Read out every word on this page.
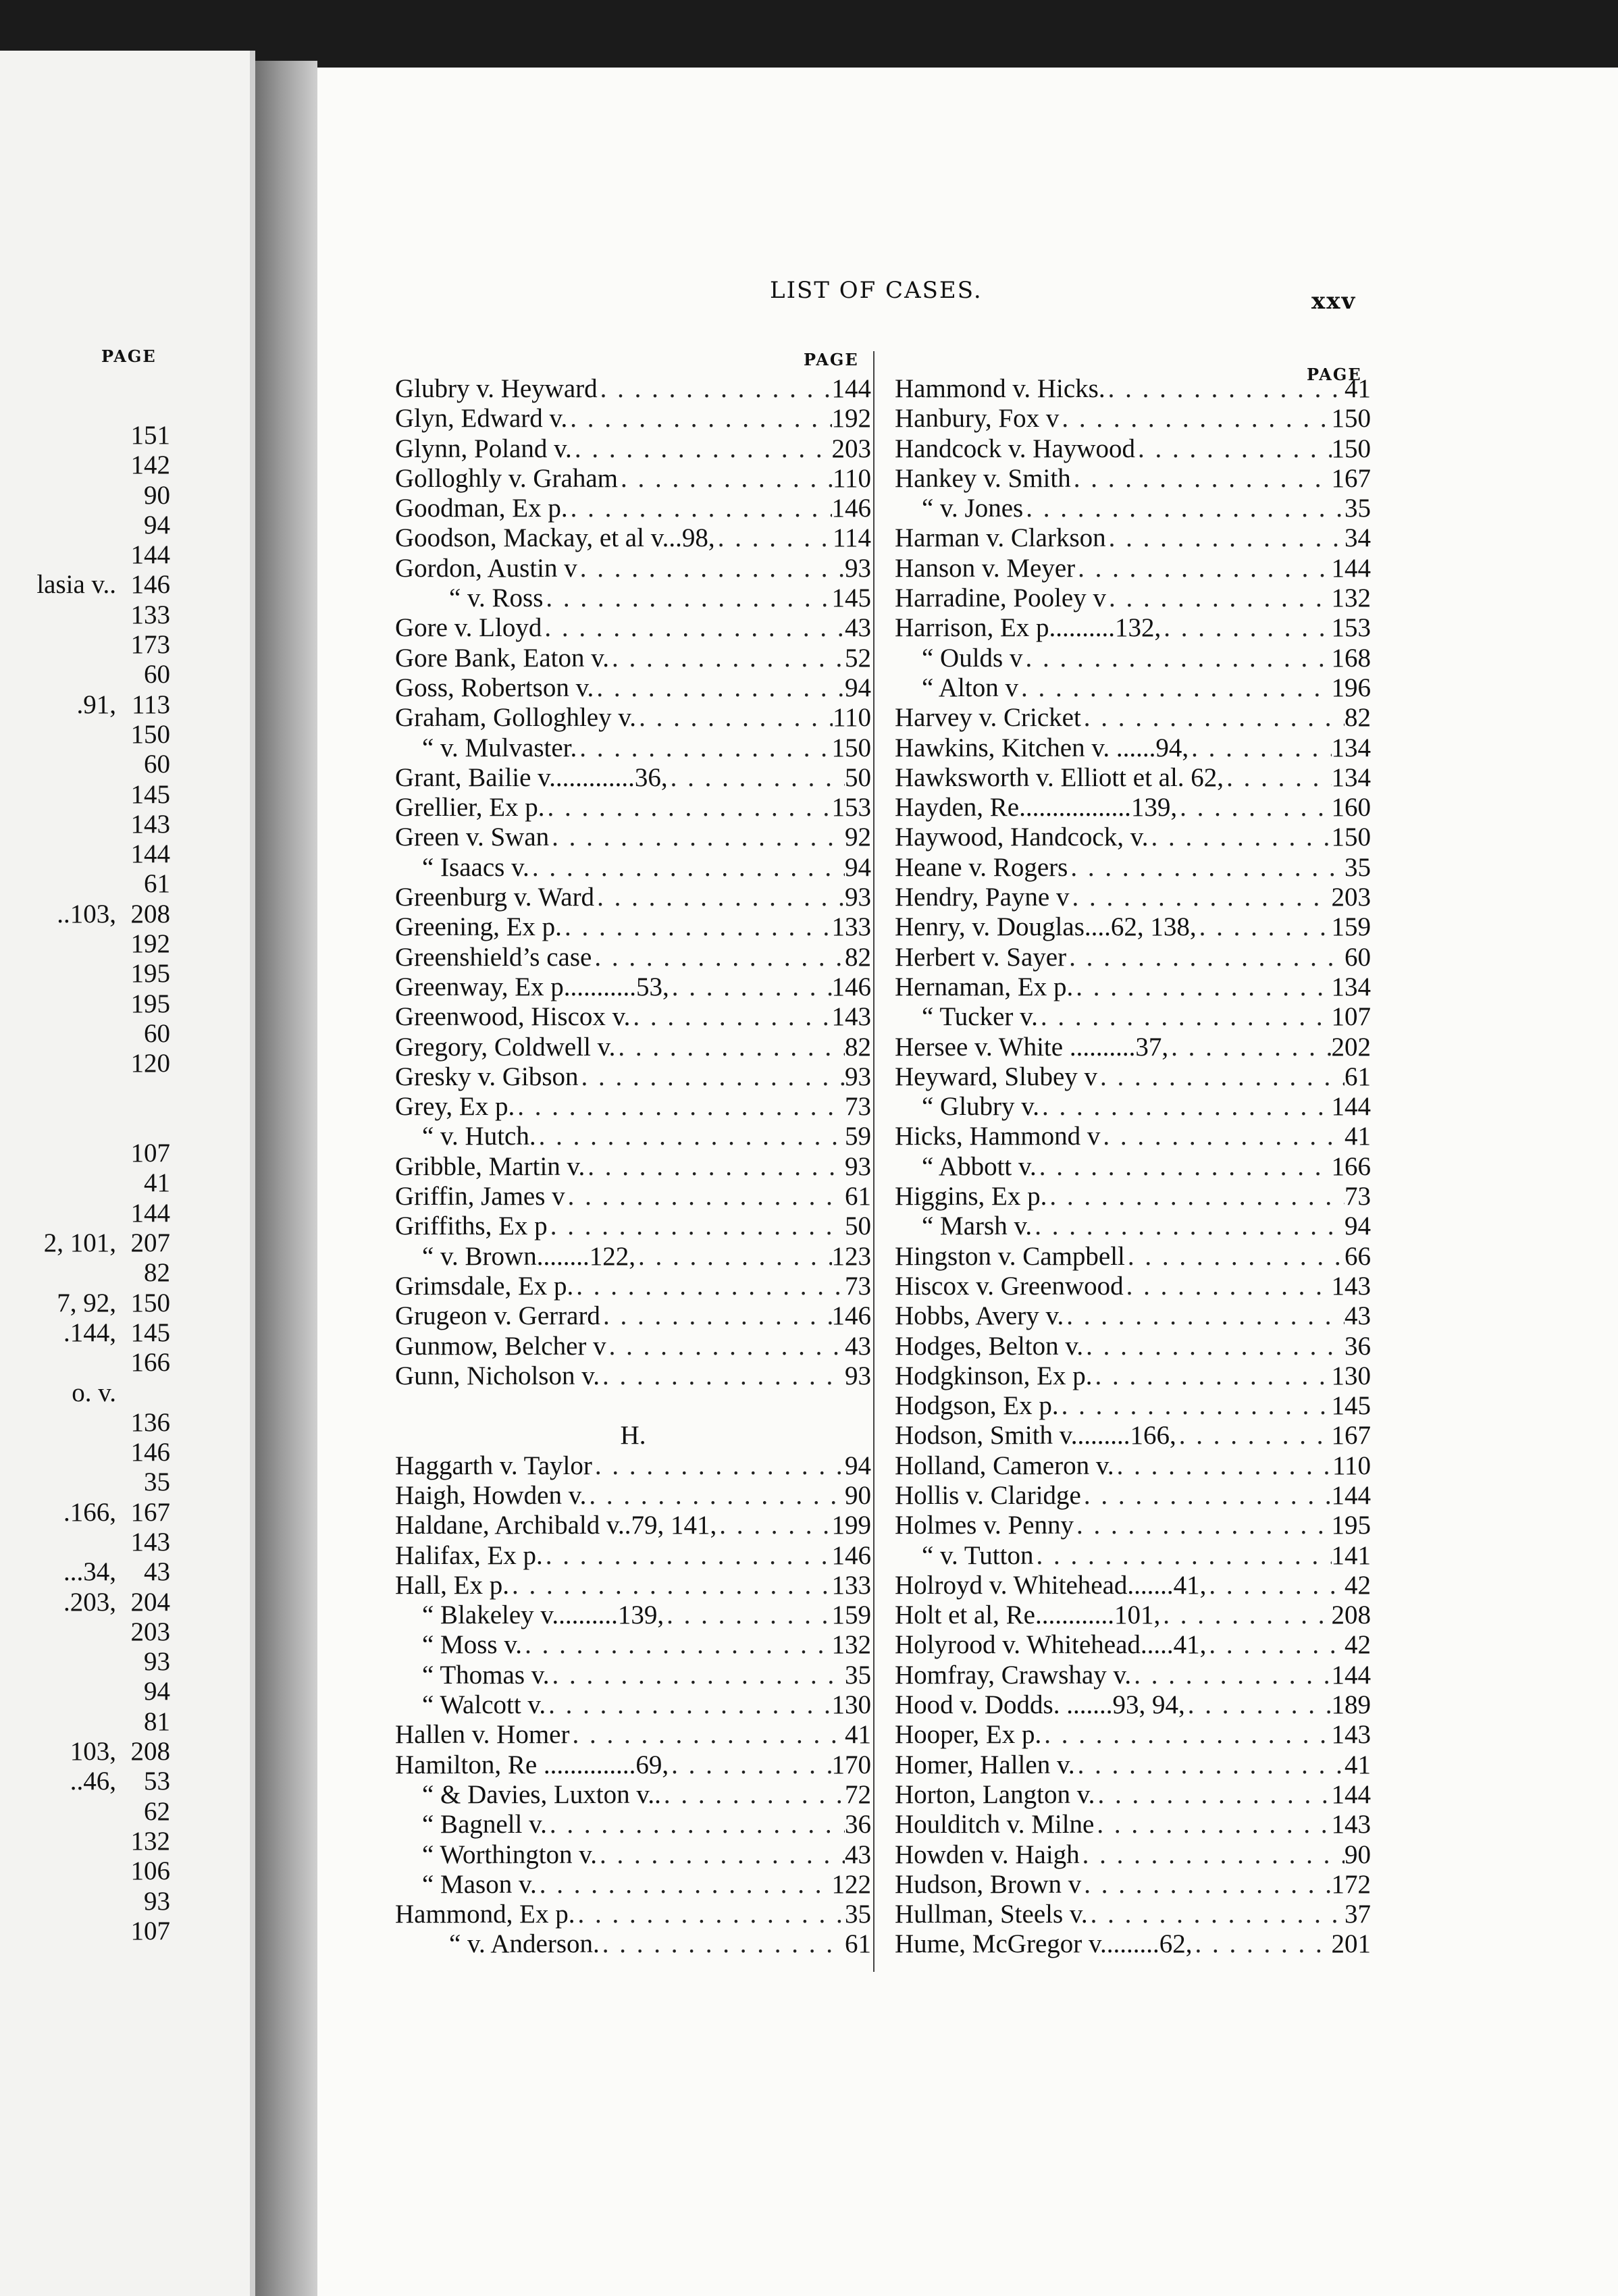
PAGE
151
142
90
94
144
lasia v.. 146
133
173
60
.91, 113
150
60
145
143
144
61
..103, 208
192
195
195
60
120
107
41
144
2, 101, 207
82
7, 92, 150
.144, 145
166
o. v.
136
146
35
.166, 167
143
...34,	43
.203, 204
203
93
94
81
103, 208
..46,	53
62
132
106
93
107
LIST OF CASES.	xxv
PAGE
PAGE
Glubry v. Heyward . . .	144
Glyn, Edward v. . . .	192
Glynn, Poland v. . . .	203
Golloghly v. Graham . . .	110
Goodman, Ex p. . . .	146
Goodson, Mackay, et al v...98, . . .	114
Gordon, Austin v . . .	93
“ v. Ross . . .	145
Gore v. Lloyd . . .	43
Gore Bank, Eaton v. . . .	52
Goss, Robertson v. . . .	94
Graham, Golloghley v. . . .	110
“ v. Mulvaster. . . .	150
Grant, Bailie v.............36, . . .	50
Grellier, Ex p. . . .	153
Green v. Swan . . .	92
“ Isaacs v. . . .	94
Greenburg v. Ward . . .	93
Greening, Ex p. . . .	133
Greenshield’s case . . .	82
Greenway, Ex p...........53, . . .	146
Greenwood, Hiscox v. . . .	143
Gregory, Coldwell v. . . .	82
Gresky v. Gibson . . .	93
Grey, Ex p. . . .	73
“ v. Hutch. . . .	59
Gribble, Martin v. . . .	93
Griffin, James v . . .	61
Griffiths, Ex p . . .	50
“ v. Brown........122, . . .	123
Grimsdale, Ex p. . . .	73
Grugeon v. Gerrard . . .	146
Gunmow, Belcher v . . .	43
Gunn, Nicholson v. . . .	93
H.
Haggarth v. Taylor . . .	94
Haigh, Howden v. . . .	90
Haldane, Archibald v..79, 141, . . .	199
Halifax, Ex p. . . .	146
Hall, Ex p. . . .	133
“ Blakeley v..........139, . . .	159
“ Moss v. . . .	132
“ Thomas v. . . .	35
“ Walcott v. . . .	130
Hallen v. Homer . . .	41
Hamilton, Re ..............69, . . .	170
“ & Davies, Luxton v.. . . .	72
“ Bagnell v. . . .	36
“ Worthington v. . . .	43
“ Mason v. . . .	122
Hammond, Ex p. . . .	35
“ v. Anderson. . . .	61
Hammond v. Hicks. . . .	41
Hanbury, Fox v . . .	150
Handcock v. Haywood . . .	150
Hankey v. Smith . . .	167
“ v. Jones . . .	35
Harman v. Clarkson . . .	34
Hanson v. Meyer . . .	144
Harradine, Pooley v . . .	132
Harrison, Ex p..........132, . . .	153
“ Oulds v . . .	168
“ Alton v . . .	196
Harvey v. Cricket . . .	82
Hawkins, Kitchen v. ......94, . . .	134
Hawksworth v. Elliott et al. 62, . . .	134
Hayden, Re.................139, . . .	160
Haywood, Handcock, v. . . .	150
Heane v. Rogers . . .	35
Hendry, Payne v . . .	203
Henry, v. Douglas....62, 138, . . .	159
Herbert v. Sayer . . .	60
Hernaman, Ex p. . . .	134
“ Tucker v. . . .	107
Hersee v. White ..........37, . . .	202
Heyward, Slubey v . . .	61
“ Glubry v. . . .	144
Hicks, Hammond v . . .	41
“ Abbott v. . . .	166
Higgins, Ex p. . . .	73
“ Marsh v. . . .	94
Hingston v. Campbell . . .	66
Hiscox v. Greenwood . . .	143
Hobbs, Avery v. . . .	43
Hodges, Belton v. . . .	36
Hodgkinson, Ex p. . . .	130
Hodgson, Ex p. . . .	145
Hodson, Smith v.........166, . . .	167
Holland, Cameron v. . . .	110
Hollis v. Claridge . . .	144
Holmes v. Penny . . .	195
“ v. Tutton . . .	141
Holroyd v. Whitehead.......41, . . .	42
Holt et al, Re............101, . . .	208
Holyrood v. Whitehead.....41, . . .	42
Homfray, Crawshay v. . . .	144
Hood v. Dodds. .......93, 94, . . .	189
Hooper, Ex p. . . .	143
Homer, Hallen v. . . .	41
Horton, Langton v. . . .	144
Houlditch v. Milne . . .	143
Howden v. Haigh . . .	90
Hudson, Brown v . . .	172
Hullman, Steels v. . . .	37
Hume, McGregor v.........62, . . .	201
